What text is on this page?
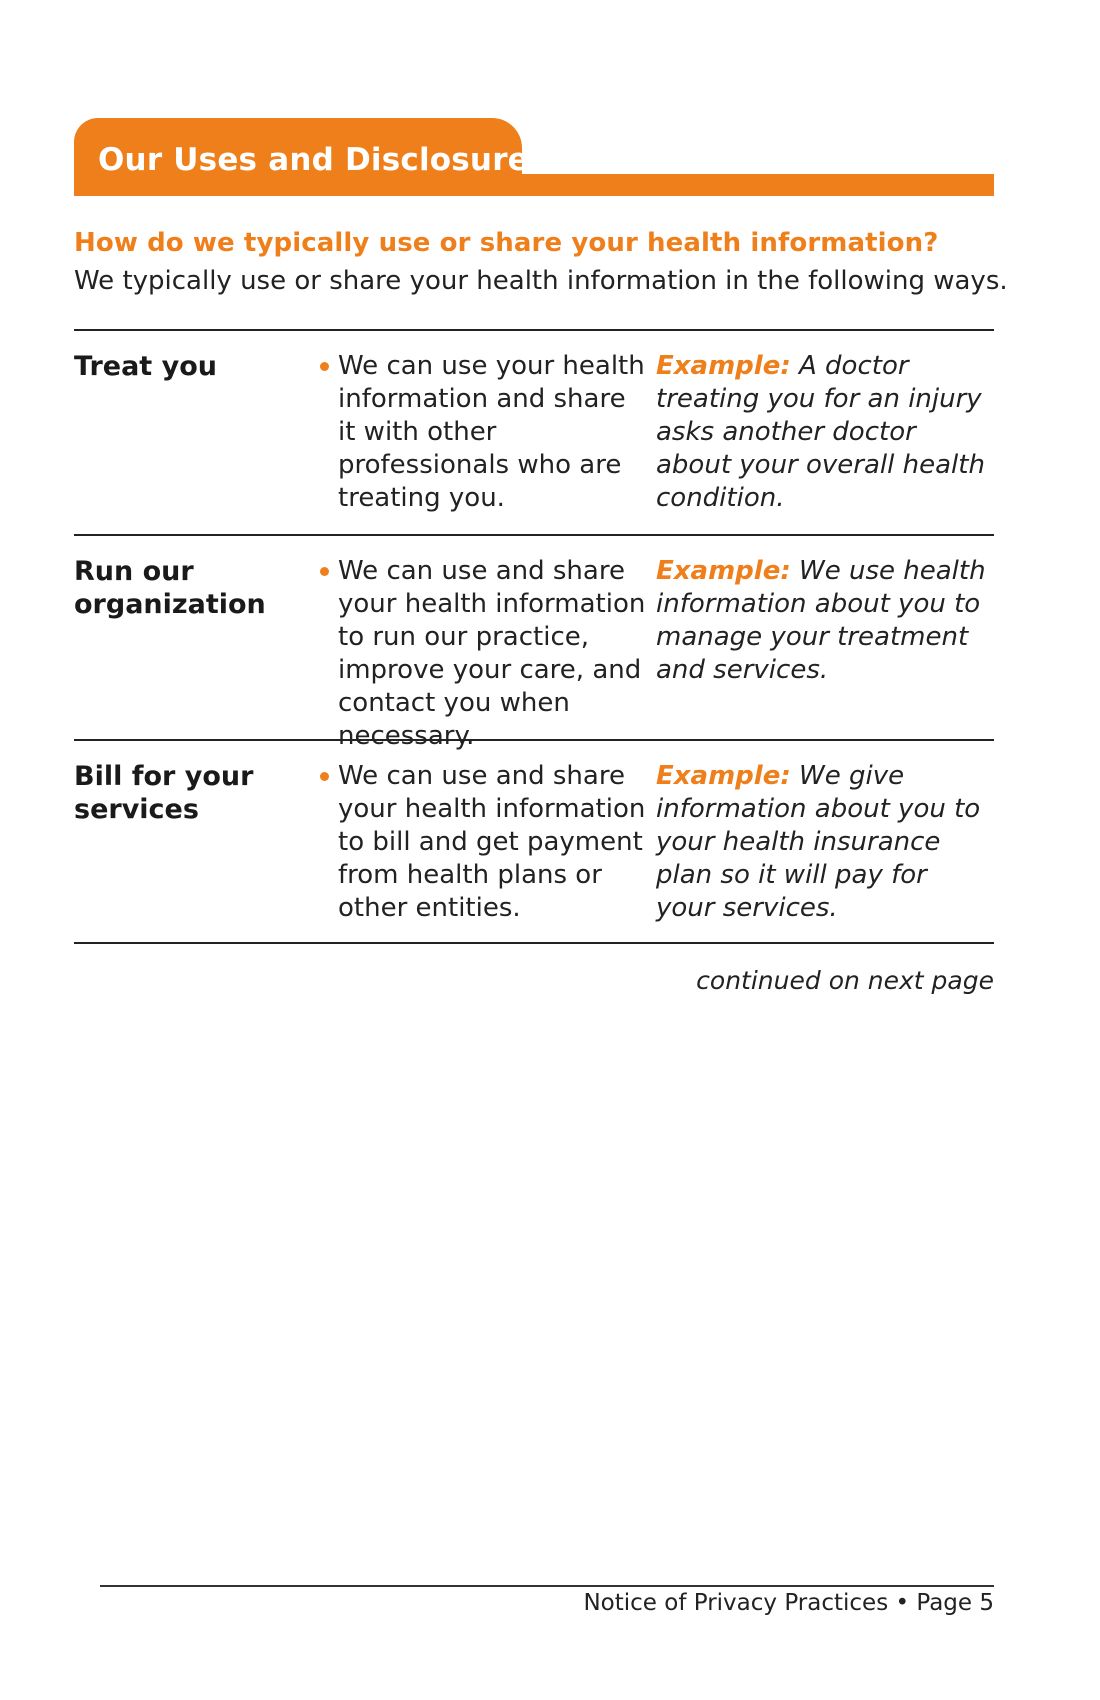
Our Uses and Disclosures
How do we typically use or share your health information?
We typically use or share your health information in the following ways.
Treat you	We can use your health information and share it with other professionals who are treating you.
Example: A doctor treating you for an injury asks another doctor about your overall health condition.
Run our organization
We can use and share your health information to run our practice, improve your care, and contact you when necessary.
Example: We use health information about you to manage your treatment and services.
Bill for your services
We can use and share your health information to bill and get payment from health plans or other entities.
Example: We give information about you to your health insurance plan so it will pay for your services.
continued on next page
Notice of Privacy Practices • Page 5
